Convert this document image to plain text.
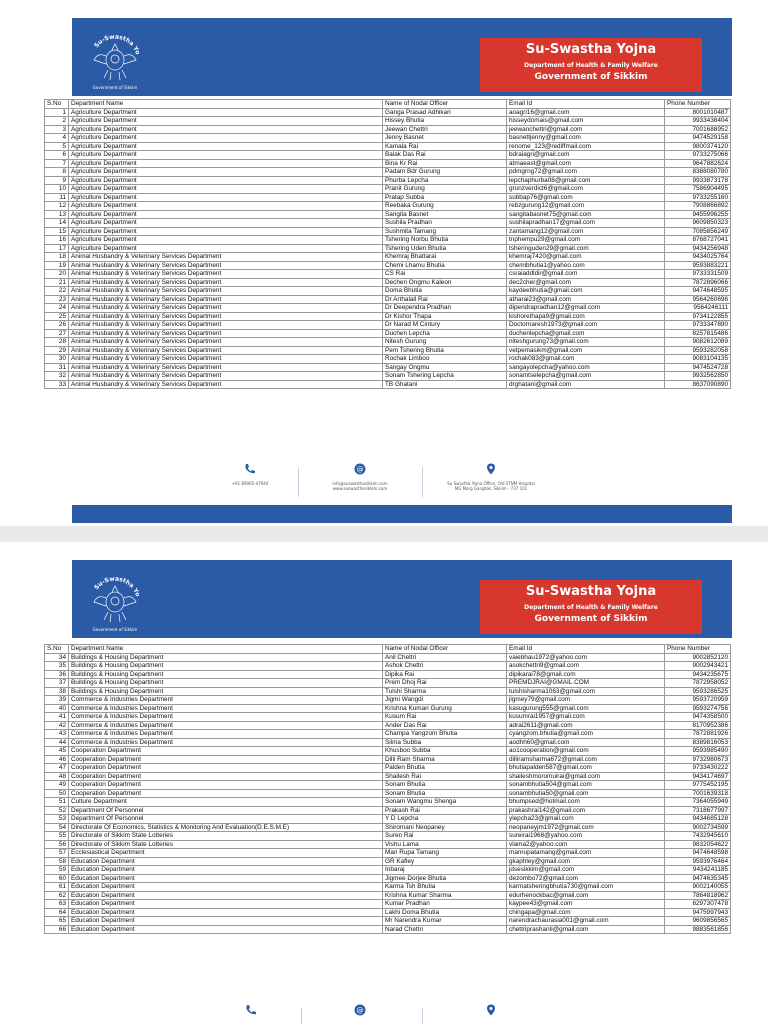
Su-Swastha Yo
Government of Sikkim
Su-Swastha Yojna
Department of Health & Family Welfare
Government of Sikkim
S.No	Department Name	Name of Nodal Officer	Email Id	Phone Number
1	Agriculture Department	Ganga Prasad Adhikari	aoagri16@gmail.com	8001010487
2	Agriculture Department	Hissey Bhutia	hisseydomais@gmail.com	9933438404
3	Agriculture Department	Jeewan Chettri	jeewanchettri@gmail.com	7001688952
4	Agriculture Department	Jenny Basnet	basnettjenny@gmail.com	9474529158
5	Agriculture Department	Kamala Rai	renome_123@rediffmail.com	9800374120
6	Agriculture Department	Balak Das Rai	bdraiagri@gmail.com	9733275066
7	Agriculture Department	Bina Kr Rai	atmaeast@gmail.com	9647882624
8	Agriculture Department	Padam Bdr Gurung	pdmgrng72@gmail.com	8388080780
9	Agriculture Department	Phurba Lepcha	lepchaphurba08@gmail.com	9933873178
10	Agriculture Department	Pranit Gurung	grunzverdict6@gmail.com	7586904495
11	Agriculture Department	Pratap Subba	subbap76@gmail.com	9733255160
12	Agriculture Department	Reebaka Gurung	rebzgurung12@gmail.com	7908866892
13	Agriculture Department	Sangita Basnet	sangitabasnet75@gmail.com	9455996255
14	Agriculture Department	Sushila Pradhan	sushilapradhan17@gmail.com	9609850323
15	Agriculture Department	Sushmita Tamang	zantamang12@gmail.com	7085856249
16	Agriculture Department	Tshering Norbu Bhutia	tnphempu29@gmail.com	8768727041
17	Agriculture Department	Tshering Uden Bhutia	tsheringuden29@gmail.com	9434256948
18	Animal Husbandry & Veterinary Services Department	Khemraj Bhattarai	khemraj7420@gmail.com	9434025764
19	Animal Husbandry & Veterinary Services Department	Chemi Lhamu Bhutia	chemibhutia1@yahoo.com	9593883221
20	Animal Husbandry & Veterinary Services Department	CS Rai	csraiaddldir@gmail.com	9733331509
21	Animal Husbandry & Veterinary Services Department	Dechen Ongmu Kaleon	dec2cher@gmail.com	7872896066
22	Animal Husbandry & Veterinary Services Department	Doma Bhutia	kaydeebhutia@gmail.com	9474648595
23	Animal Husbandry & Veterinary Services Department	Dr Arthalall Rai	atharai23@gmail.com	9564260696
24	Animal Husbandry & Veterinary Services Department	Dr Deependra Pradhan	dipendrapradhan12@gmail.com	9564246111
25	Animal Husbandry & Veterinary Services Department	Dr Kishor Thapa	kishorethapa9@gmail.com	9734122855
26	Animal Husbandry & Veterinary Services Department	Dr Narad M Cintury	Doctornaresh1973@gmail.com	9733347890
27	Animal Husbandry & Veterinary Services Department	Duchen Lepcha	duchenlepcha@gmail.com	8257815486
28	Animal Husbandry & Veterinary Services Department	Nitesh Gurung	niteshgurung73@gmail.com	9082612089
29	Animal Husbandry & Veterinary Services Department	Pem Tshering Bhutia	vetpemasikm@gmail.com	9593282058
30	Animal Husbandry & Veterinary Services Department	Rochak Limboo	rochak083@gmail.com	9083104135
31	Animal Husbandry & Veterinary Services Department	Sangay Ongmu	sangayolepcha@yahoo.com	9474524728
32	Animal Husbandry & Veterinary Services Department	Sonam Tshering Lepcha	sonamtselepcha@gmail.com	9932562850
33	Animal Husbandry & Veterinary Services Department	TB Ghatani	drghatani@gmail.com	8637090890
+91 89005-47944
@
info@suswasthasikkim.com
www.suswasthasikkim.com
Su Swastha Yojna Office, Old STNM Hospital
MG Marg Gangtok, Sikkim - 737 101
Su-Swastha Yo
Government of Sikkim
Su-Swastha Yojna
Department of Health & Family Welfare
Government of Sikkim
S.No	Department Name	Name of Nodal Officer	Email Id	Phone Number
34	Buildings & Housing Department	Anil Chettri	vaiebhau1972@yahoo.com	9002852120
35	Buildings & Housing Department	Ashok Chettri	asokchettri9@gmail.com	9002943421
36	Buildings & Housing Department	Dipika Rai	dipikarai78@gmail.com	9434235675
37	Buildings & Housing Department	Prem Dhoj Rai	PREMDJRAI@GMAIL.COM	7872958052
38	Buildings & Housing Department	Tulshi Sharma	tulshisharma1063@gmail.com	9593286525
39	Commerce & Industries Department	Jigmi Wangdi	jigmey79@gmail.com	9593720959
40	Commerce & Industries Department	Krishna Kumari Gurung	kasugurung555@gmail.com	9593274756
41	Commerce & Industries Department	Kusum Rai	kusumrai1957@gmail.com	9474358500
42	Commerce & Industries Department	Ander Das Rai	adrai2611@gmail.com	8170952386
43	Commerce & Industries Department	Champa Yangzom Bhutia	cyangzom.bhutia@gmail.com	7872881926
44	Commerce & Industries Department	Silma Subba	aodhh60@gmail.com	8389816053
45	Cooperation Department	Khusboo Subba	ao1cooperation@gmail.com	9593985490
46	Cooperation Department	Dilli Ram Sharma	dilliramsharma672@gmail.com	9732980673
47	Cooperation Department	Palden Bhutia	bhutiapalden587@gmail.com	9733430222
48	Cooperation Department	Shailesh Rai	shaileshmoromuirai@gmail.com	9434174697
49	Cooperation Department	Sonam Bhutia	sonambhutia504@gmail.com	9775452195
50	Cooperation Department	Sonam Bhutia	sonambhutia50@gmail.com	7001639318
51	Culture Department	Sonam Wangmu Shenga	bhumpsed@hotmail.com	7364055949
52	Department Of Personnel	Prakash Rai	prakashrai142@gmail.com	7318677997
53	Department Of Personnel	Y D Lepcha	ylepcha23@gmail.com	9434685128
54	Directorate Of Economics, Statistics & Monitoring And Evaluation(D.E.S.M.E)	Shiromani Neopaney	neopaneyjm1972@gmail.com	9002734599
55	Directorate of Sikkim State Lotteries	Suren Rai	sureirai1968@yahoo.com	7432945610
56	Directorate of Sikkim State Lotteries	Vishu Lama	vlama2@yahoo.com	9832054622
57	Ecclesiastical Department	Man Rupa Tamang	manrupatamang@gmail.com	9474648598
58	Education Department	GR Kafley	gkaphley@gmail.com	9593976464
59	Education Department	Inbaraj	jdsesikkim@gmail.com	9434241185
60	Education Department	Jigmee Dorjee Bhutia	dezombo72@gmail.com	9474635345
61	Education Department	Karma Tsh Bhutia	karmatsheringbhutia730@gmail.com	9002140055
62	Education Department	Krishna Kumar Sharma	edurhenockbac@gmail.com	7864818962
63	Education Department	Kumar Pradhan	kaypee43@gmail.com	6297307478
64	Education Department	Lakhi Doma Bhutia	chingapa@gmail.com	9475997943
65	Education Department	Mr Narendra Kumar	narendrachaurasia001@gmail.com	9609856565
66	Education Department	Narad Chettri	chettriprashanti@gmail.com	9883561856
@
